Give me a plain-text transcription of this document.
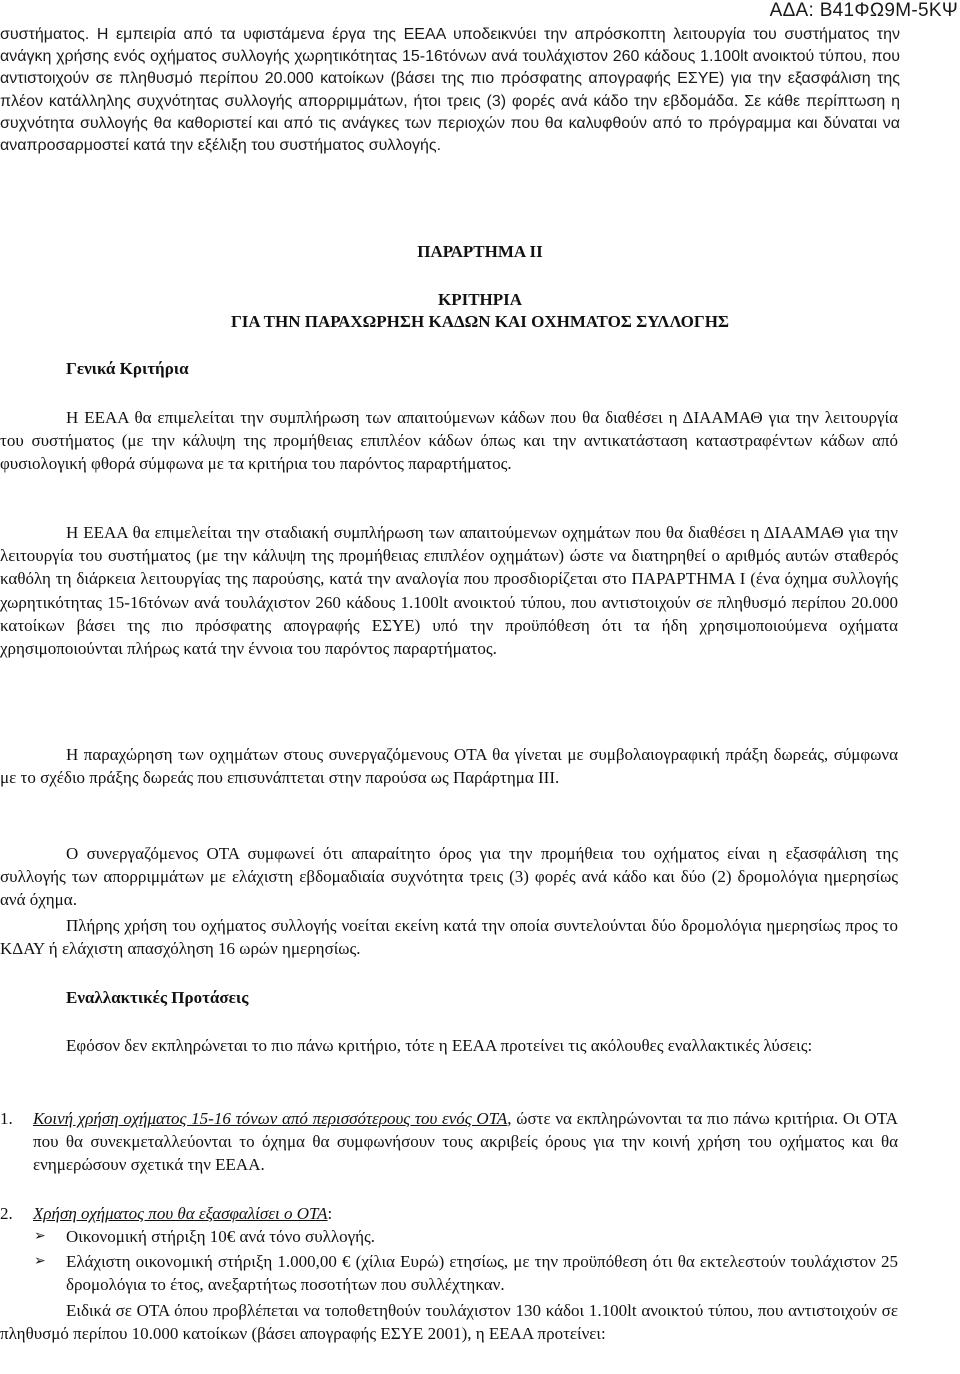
ΑΔΑ: Β41ΦΩ9Μ-5ΚΨ

συστήματος. Η εμπειρία από τα υφιστάμενα έργα της ΕΕΑΑ υποδεικνύει την απρόσκοπτη λειτουργία του συστήματος την ανάγκη χρήσης ενός οχήματος συλλογής χωρητικότητας 15-16τόνων ανά τουλάχιστον 260 κάδους 1.100lt ανοικτού τύπου, που αντιστοιχούν σε πληθυσμό περίπου 20.000 κατοίκων (βάσει της πιο πρόσφατης απογραφής ΕΣΥΕ) για την εξασφάλιση της πλέον κατάλληλης συχνότητας συλλογής απορριμμάτων, ήτοι τρεις (3) φορές ανά κάδο την εβδομάδα. Σε κάθε περίπτωση η συχνότητα συλλογής θα καθοριστεί και από τις ανάγκες των περιοχών που θα καλυφθούν από το πρόγραμμα και δύναται να αναπροσαρμοστεί κατά την εξέλιξη του συστήματος συλλογής.

ΠΑΡΑΡΤΗΜΑ ΙΙ

ΚΡΙΤΗΡΙΑ
ΓΙΑ ΤΗΝ ΠΑΡΑΧΩΡΗΣΗ ΚΑΔΩΝ ΚΑΙ ΟΧΗΜΑΤΟΣ ΣΥΛΛΟΓΗΣ

Γενικά Κριτήρια

Η ΕΕΑΑ θα επιμελείται την συμπλήρωση των απαιτούμενων κάδων που θα διαθέσει η ΔΙΑΑΜΑΘ για την λειτουργία του συστήματος (με την κάλυψη της προμήθειας επιπλέον κάδων όπως και την αντικατάσταση καταστραφέντων κάδων από φυσιολογική φθορά σύμφωνα με τα κριτήρια του παρόντος παραρτήματος.

Η ΕΕΑΑ θα επιμελείται την σταδιακή συμπλήρωση των απαιτούμενων οχημάτων που θα διαθέσει η ΔΙΑΑΜΑΘ για την λειτουργία του συστήματος (με την κάλυψη της προμήθειας επιπλέον οχημάτων) ώστε να διατηρηθεί ο αριθμός αυτών σταθερός καθόλη τη διάρκεια λειτουργίας της παρούσης, κατά την αναλογία που προσδιορίζεται στο ΠΑΡΑΡΤΗΜΑ Ι (ένα όχημα συλλογής χωρητικότητας 15-16τόνων ανά τουλάχιστον 260 κάδους 1.100lt ανοικτού τύπου, που αντιστοιχούν σε πληθυσμό περίπου 20.000 κατοίκων βάσει της πιο πρόσφατης απογραφής ΕΣΥΕ) υπό την προϋπόθεση ότι τα ήδη χρησιμοποιούμενα οχήματα χρησιμοποιούνται πλήρως κατά την έννοια του παρόντος παραρτήματος.

Η παραχώρηση των οχημάτων στους συνεργαζόμενους ΟΤΑ θα γίνεται με συμβολαιογραφική πράξη δωρεάς, σύμφωνα με το σχέδιο πράξης δωρεάς που επισυνάπτεται στην παρούσα ως Παράρτημα ΙΙΙ.

Ο συνεργαζόμενος ΟΤΑ συμφωνεί ότι απαραίτητο όρος για την προμήθεια του οχήματος είναι η εξασφάλιση της συλλογής των απορριμμάτων με ελάχιστη εβδομαδιαία συχνότητα τρεις (3) φορές ανά κάδο και δύο (2) δρομολόγια ημερησίως ανά όχημα.

Πλήρης χρήση του οχήματος συλλογής νοείται εκείνη κατά την οποία συντελούνται δύο δρομολόγια ημερησίως προς το ΚΔΑΥ ή ελάχιστη απασχόληση 16 ωρών ημερησίως.

Εναλλακτικές Προτάσεις

Εφόσον δεν εκπληρώνεται το πιο πάνω κριτήριο, τότε η ΕΕΑΑ προτείνει τις ακόλουθες εναλλακτικές λύσεις:

1. Κοινή χρήση οχήματος 15-16 τόνων από περισσότερους του ενός ΟΤΑ, ώστε να εκπληρώνονται τα πιο πάνω κριτήρια. Οι ΟΤΑ που θα συνεκμεταλλεύονται το όχημα θα συμφωνήσουν τους ακριβείς όρους για την κοινή χρήση του οχήματος και θα ενημερώσουν σχετικά την ΕΕΑΑ.
2. Χρήση οχήματος που θα εξασφαλίσει ο ΟΤΑ:
➢ Οικονομική στήριξη 10€ ανά τόνο συλλογής.
➢ Ελάχιστη οικονομική στήριξη 1.000,00 € (χίλια Ευρώ) ετησίως, με την προϋπόθεση ότι θα εκτελεστούν τουλάχιστον 25 δρομολόγια το έτος, ανεξαρτήτως ποσοτήτων που συλλέχτηκαν.

Ειδικά σε ΟΤΑ όπου προβλέπεται να τοποθετηθούν τουλάχιστον 130 κάδοι 1.100lt ανοικτού τύπου, που αντιστοιχούν σε πληθυσμό περίπου 10.000 κατοίκων (βάσει απογραφής ΕΣΥΕ 2001), η ΕΕΑΑ προτείνει:
